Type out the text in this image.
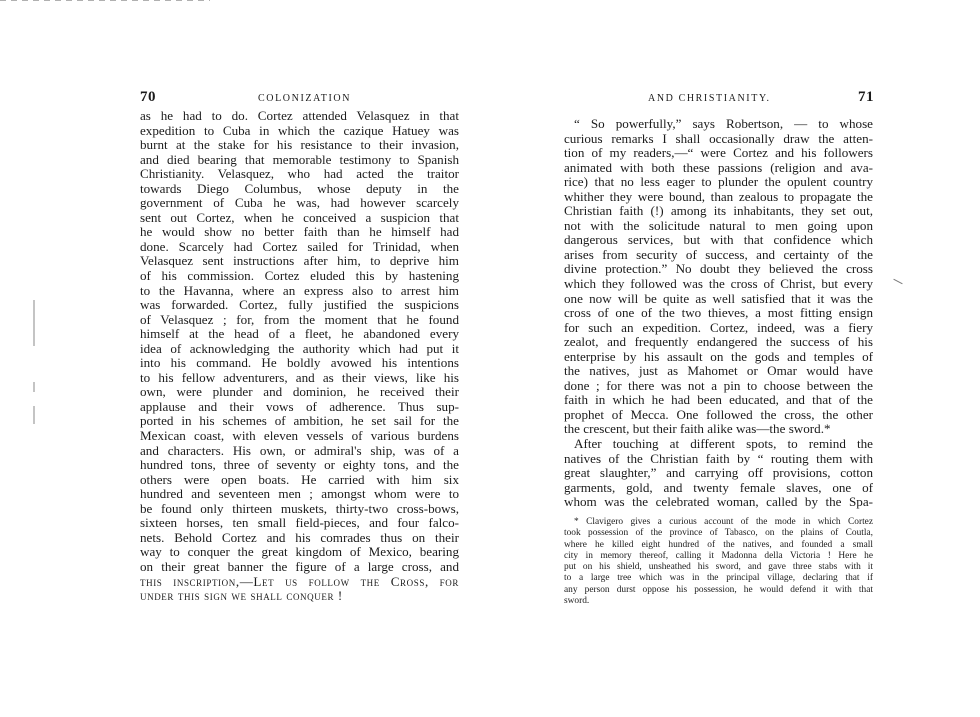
70	COLONIZATION
as he had to do. Cortez attended Velasquez in that
expedition to Cuba in which the cazique Hatuey was
burnt at the stake for his resistance to their invasion,
and died bearing that memorable testimony to Spanish
Christianity. Velasquez, who had acted the traitor
towards Diego Columbus, whose deputy in the
government of Cuba he was, had however scarcely
sent out Cortez, when he conceived a suspicion that
he would show no better faith than he himself had
done. Scarcely had Cortez sailed for Trinidad, when
Velasquez sent instructions after him, to deprive him
of his commission. Cortez eluded this by hastening
to the Havanna, where an express also to arrest him
was forwarded. Cortez, fully justified the suspicions
of Velasquez ; for, from the moment that he found
himself at the head of a fleet, he abandoned every
idea of acknowledging the authority which had put it
into his command. He boldly avowed his intentions
to his fellow adventurers, and as their views, like his
own, were plunder and dominion, he received their
applause and their vows of adherence. Thus sup-
ported in his schemes of ambition, he set sail for the
Mexican coast, with eleven vessels of various burdens
and characters. His own, or admiral's ship, was of a
hundred tons, three of seventy or eighty tons, and the
others were open boats. He carried with him six
hundred and seventeen men ; amongst whom were to
be found only thirteen muskets, thirty-two cross-bows,
sixteen horses, ten small field-pieces, and four falco-
nets. Behold Cortez and his comrades thus on their
way to conquer the great kingdom of Mexico, bearing
on their great banner the figure of a large cross, and
this inscription,—Let us follow the Cross, for
under this sign we shall conquer !
AND CHRISTIANITY.	71
“ So powerfully,” says Robertson, — to whose
curious remarks I shall occasionally draw the atten-
tion of my readers,—“ were Cortez and his followers
animated with both these passions (religion and ava-
rice) that no less eager to plunder the opulent country
whither they were bound, than zealous to propagate the
Christian faith (!) among its inhabitants, they set out,
not with the solicitude natural to men going upon
dangerous services, but with that confidence which
arises from security of success, and certainty of the
divine protection.” No doubt they believed the cross
which they followed was the cross of Christ, but every
one now will be quite as well satisfied that it was the
cross of one of the two thieves, a most fitting ensign
for such an expedition. Cortez, indeed, was a fiery
zealot, and frequently endangered the success of his
enterprise by his assault on the gods and temples of
the natives, just as Mahomet or Omar would have
done ; for there was not a pin to choose between the
faith in which he had been educated, and that of the
prophet of Mecca. One followed the cross, the other
the crescent, but their faith alike was—the sword.*
After touching at different spots, to remind the
natives of the Christian faith by “ routing them with
great slaughter,” and carrying off provisions, cotton
garments, gold, and twenty female slaves, one of
whom was the celebrated woman, called by the Spa-
* Clavigero gives a curious account of the mode in which Cortez
took possession of the province of Tabasco, on the plains of Coutla,
where he killed eight hundred of the natives, and founded a small
city in memory thereof, calling it Madonna della Victoria ! Here he
put on his shield, unsheathed his sword, and gave three stabs with it
to a large tree which was in the principal village, declaring that if
any person durst oppose his possession, he would defend it with that
sword.
